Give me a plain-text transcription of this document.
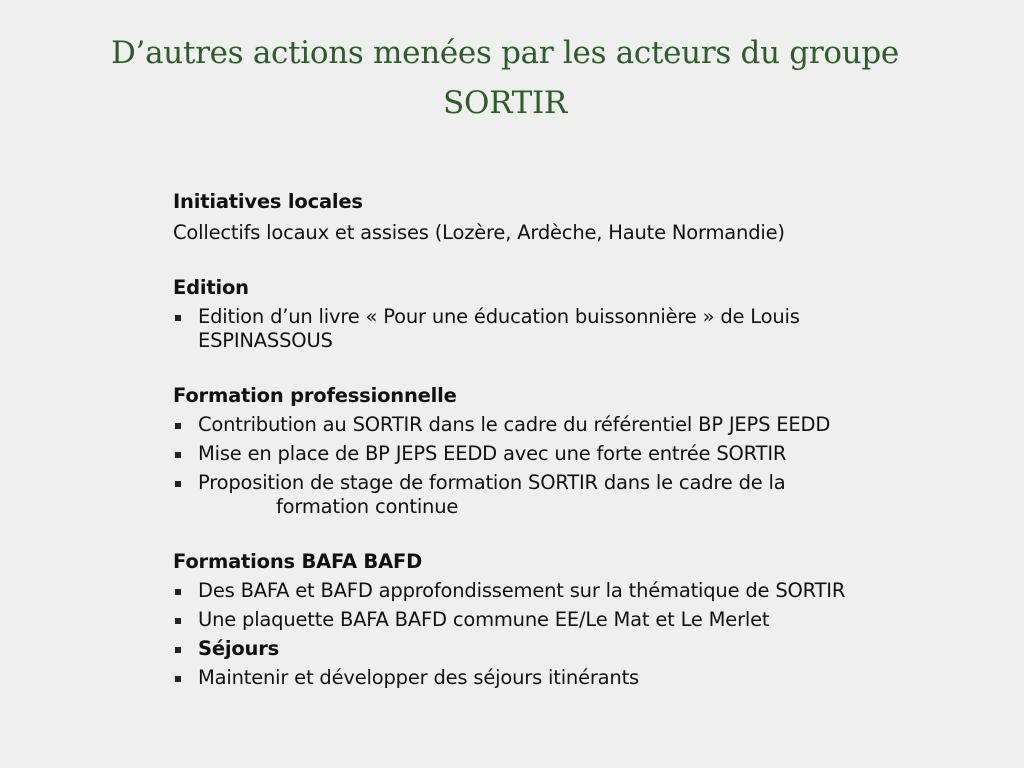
D’autres actions menées par les acteurs du groupe
SORTIR
Initiatives locales
Collectifs locaux et assises (Lozère, Ardèche, Haute Normandie)
Edition
Edition d’un livre « Pour une éducation buissonnière » de Louis
ESPINASSOUS
Formation professionnelle
Contribution au SORTIR dans le cadre du référentiel BP JEPS EEDD
Mise en place de BP JEPS EEDD avec une forte entrée SORTIR
Proposition de stage de formation SORTIR dans le cadre de la
formation continue
Formations BAFA BAFD
Des BAFA et BAFD approfondissement sur la thématique de SORTIR
Une plaquette BAFA BAFD commune EE/Le Mat et Le Merlet
Séjours
Maintenir et développer des séjours itinérants
